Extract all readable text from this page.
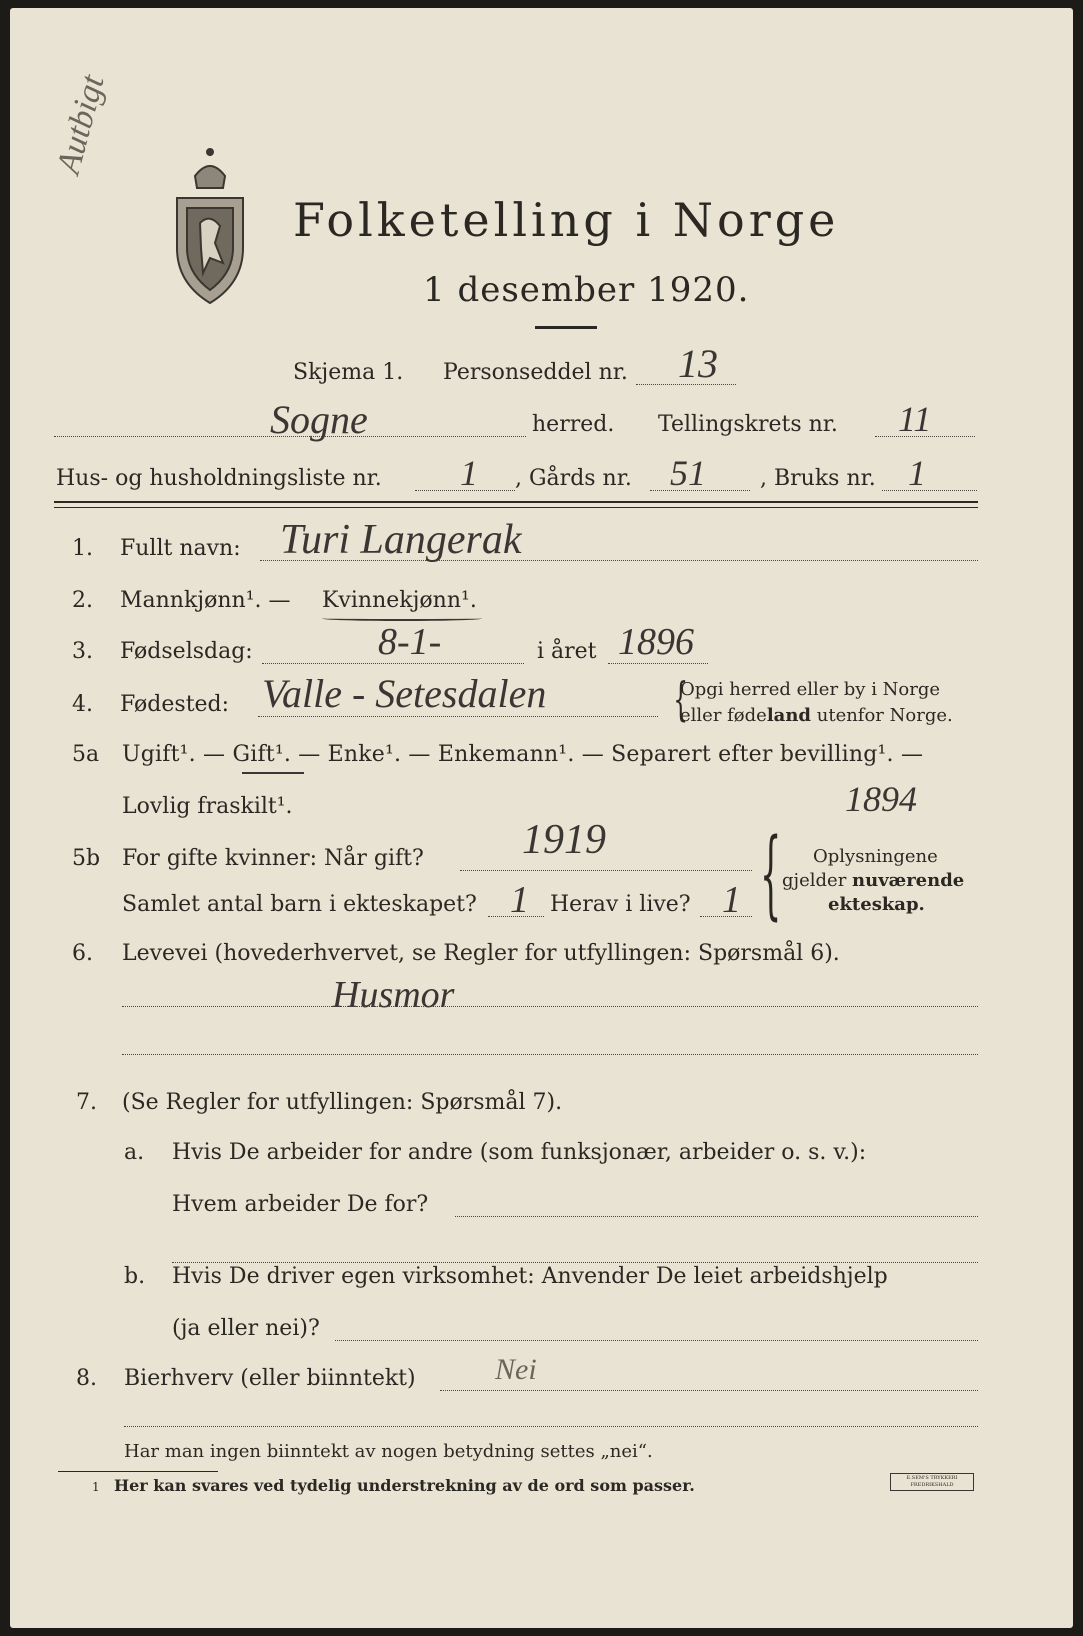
Autbigt
Folketelling i Norge
1 desember 1920.
Skjema 1. Personseddel nr. 13
Sogne	herred. Tellingskrets nr. 11
Hus- og husholdningsliste nr. 1 , Gårds nr. 51 , Bruks nr. 1
1. Fullt navn: Turi Langerak
2. Mannkjønn¹. — Kvinnekjønn¹.
3. Fødselsdag:	8-1-	i året 1896
4. Fødested: Valle - Setesdalen	{
Opgi herred eller by i Norge
eller fødeland utenfor Norge.
5a Ugift¹. — Gift¹. — Enke¹. — Enkemann¹. — Separert efter bevilling¹. —
Lovlig fraskilt¹.	1894
5b For gifte kvinner: Når gift? 1919
Samlet antal barn i ekteskapet? 1 Herav i live? 1 { Oplysningene
gjelder nuværende
ekteskap.
6. Levevei (hovederhvervet, se Regler for utfyllingen: Spørsmål 6).
Husmor
7. (Se Regler for utfyllingen: Spørsmål 7).
a. Hvis De arbeider for andre (som funksjonær, arbeider o. s. v.):
Hvem arbeider De for?
b. Hvis De driver egen virksomhet: Anvender De leiet arbeidshjelp
(ja eller nei)?
8. Bierhverv (eller biinntekt)	Nei
Har man ingen biinntekt av nogen betydning settes „nei“.
1 Her kan svares ved tydelig understrekning av de ord som passer.	E.SEM'S TRYKKERI FREDRIKSHALD
